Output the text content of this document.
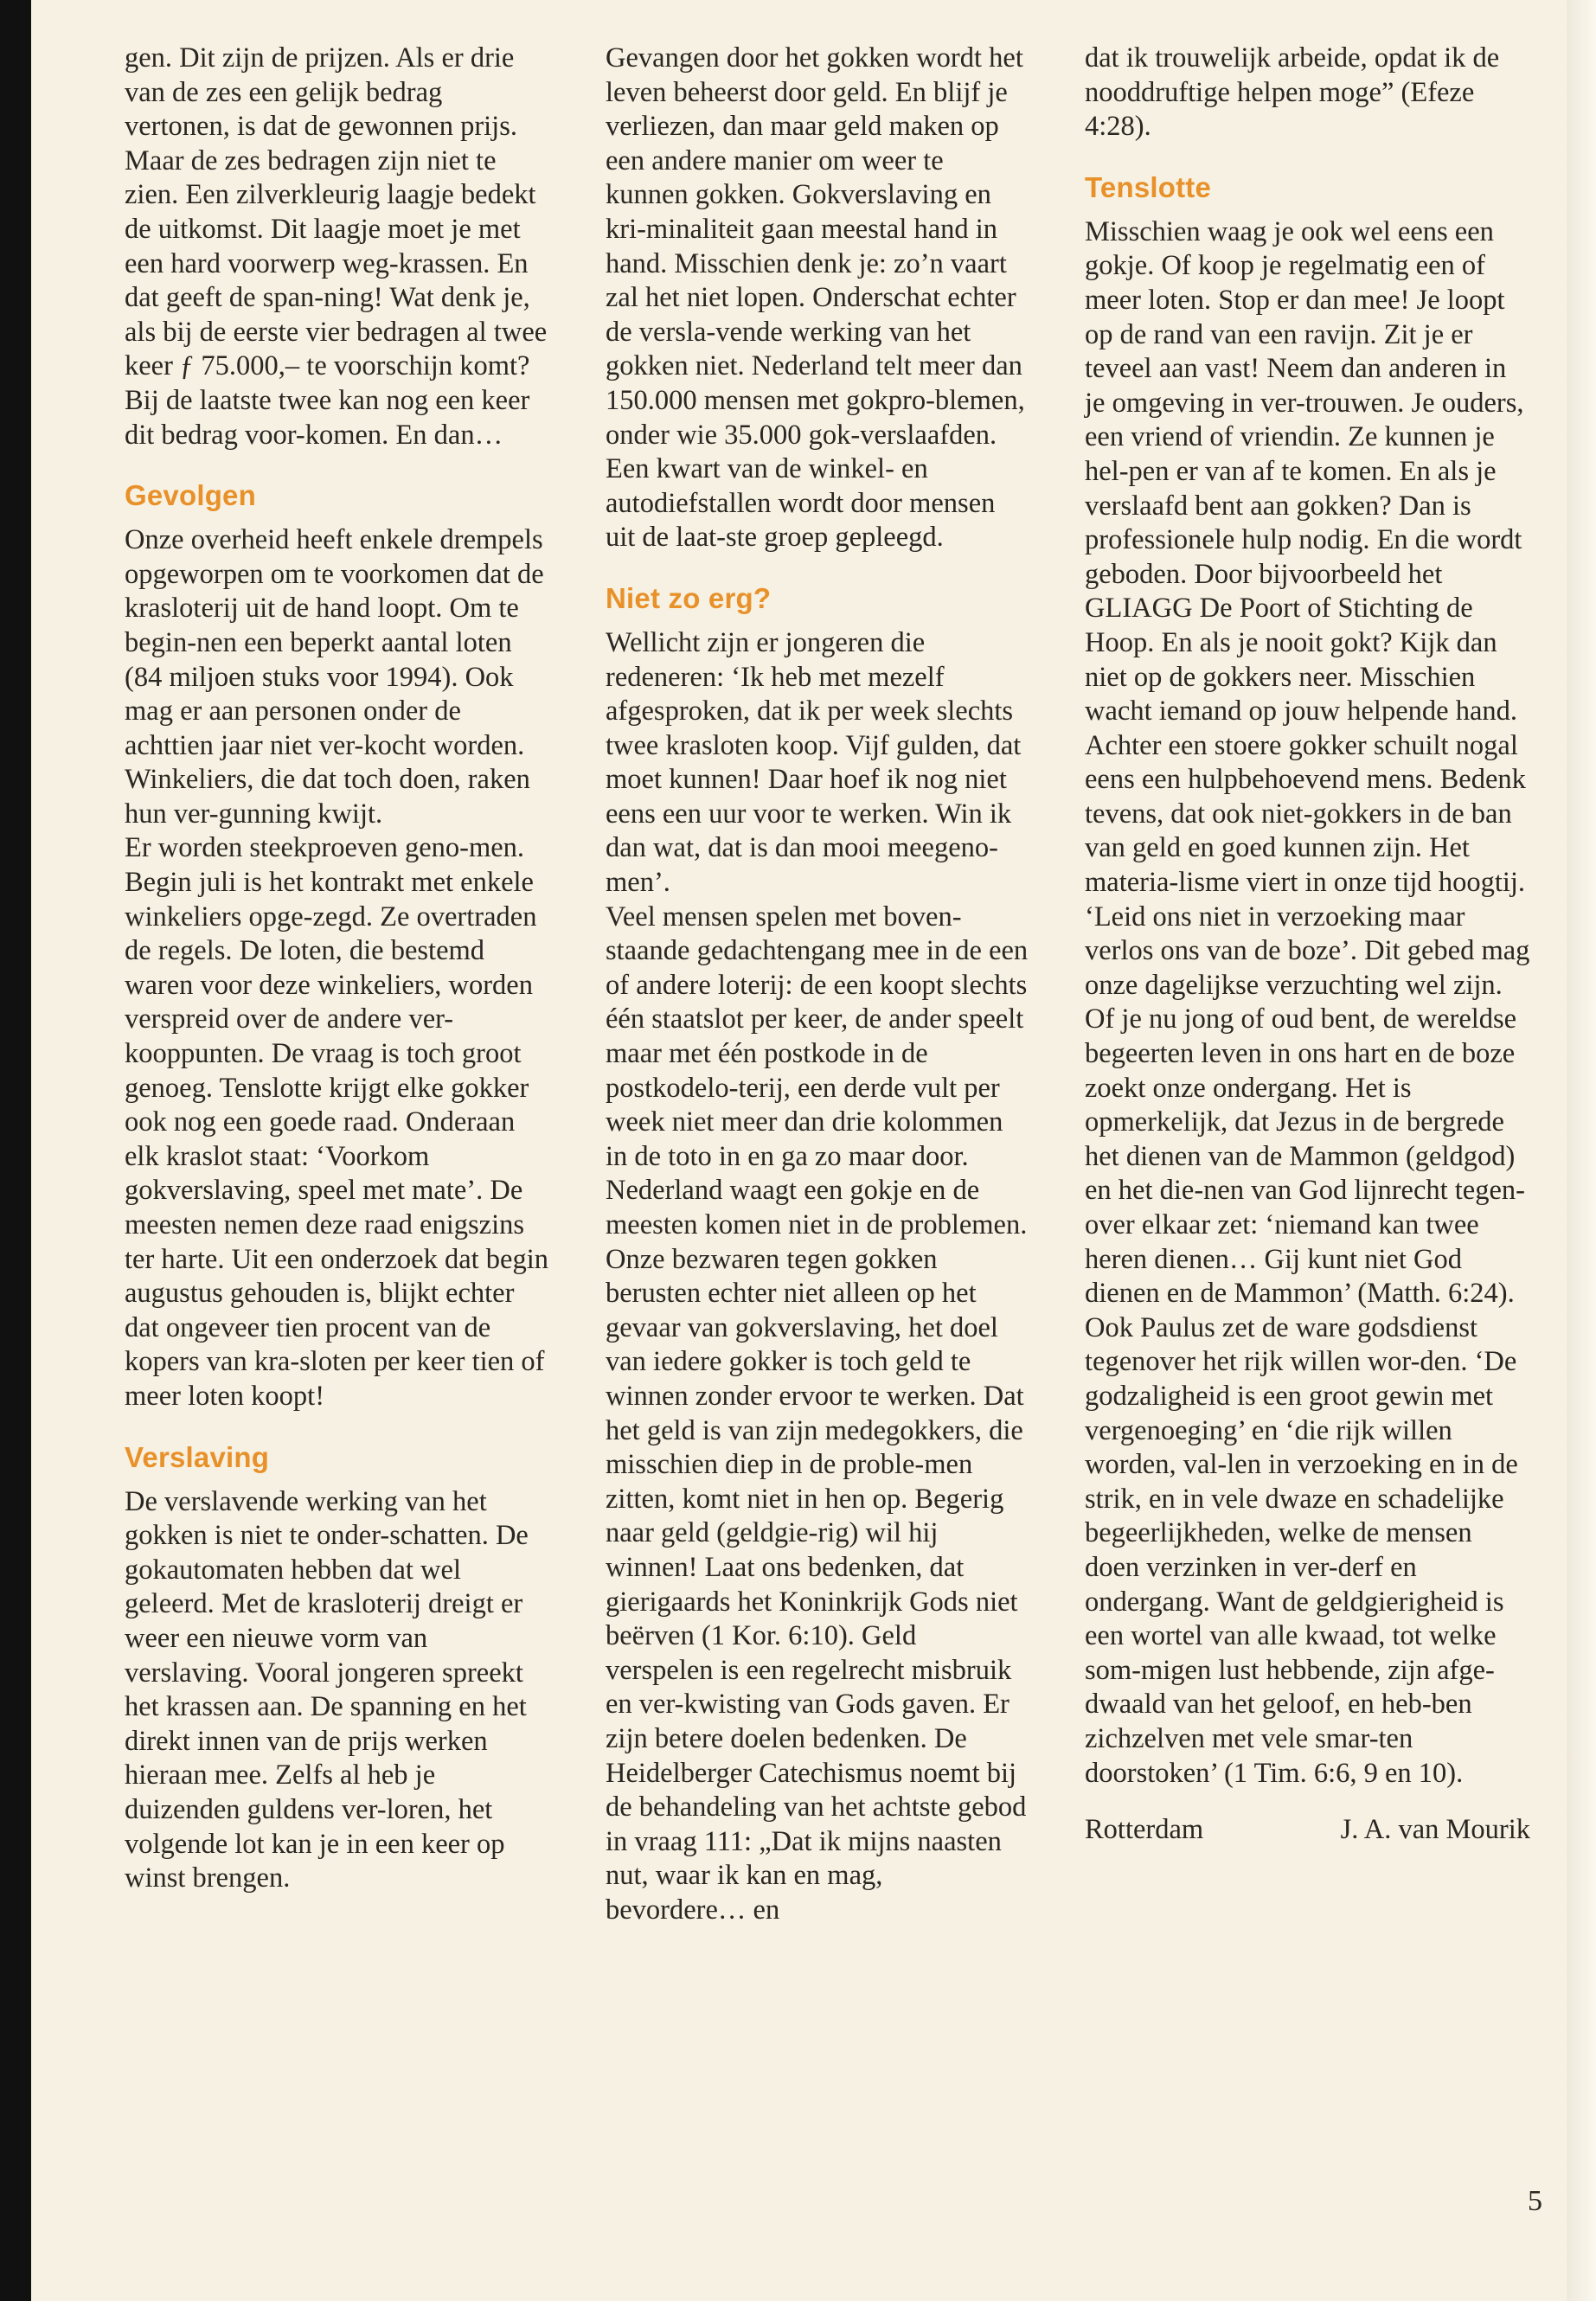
gen. Dit zijn de prijzen. Als er drie van de zes een gelijk bedrag vertonen, is dat de gewonnen prijs. Maar de zes bedragen zijn niet te zien. Een zilverkleurig laagje bedekt de uitkomst. Dit laagje moet je met een hard voorwerp weg-krassen. En dat geeft de span-ning! Wat denk je, als bij de eerste vier bedragen al twee keer ƒ 75.000,– te voorschijn komt? Bij de laatste twee kan nog een keer dit bedrag voor-komen. En dan…

Gevolgen

Onze overheid heeft enkele drempels opgeworpen om te voorkomen dat de krasloterij uit de hand loopt. Om te begin-nen een beperkt aantal loten (84 miljoen stuks voor 1994). Ook mag er aan personen onder de achttien jaar niet ver-kocht worden. Winkeliers, die dat toch doen, raken hun ver-gunning kwijt.

Er worden steekproeven geno-men. Begin juli is het kontrakt met enkele winkeliers opge-zegd. Ze overtraden de regels. De loten, die bestemd waren voor deze winkeliers, worden verspreid over de andere ver-kooppunten. De vraag is toch groot genoeg. Tenslotte krijgt elke gokker ook nog een goede raad. Onderaan elk kraslot staat: ‘Voorkom gokverslaving, speel met mate’. De meesten nemen deze raad enigszins ter harte. Uit een onderzoek dat begin augustus gehouden is, blijkt echter dat ongeveer tien procent van de kopers van kra-sloten per keer tien of meer loten koopt!

Verslaving

De verslavende werking van het gokken is niet te onder-schatten. De gokautomaten hebben dat wel geleerd. Met de krasloterij dreigt er weer een nieuwe vorm van verslaving. Vooral jongeren spreekt het krassen aan. De spanning en het direkt innen van de prijs werken hieraan mee. Zelfs al heb je duizenden guldens ver-loren, het volgende lot kan je in een keer op winst brengen.

Gevangen door het gokken wordt het leven beheerst door geld. En blijf je verliezen, dan maar geld maken op een andere manier om weer te kunnen gokken. Gokverslaving en kri-minaliteit gaan meestal hand in hand. Misschien denk je: zo’n vaart zal het niet lopen. Onderschat echter de versla-vende werking van het gokken niet. Nederland telt meer dan 150.000 mensen met gokpro-blemen, onder wie 35.000 gok-verslaafden. Een kwart van de winkel- en autodiefstallen wordt door mensen uit de laat-ste groep gepleegd.

Niet zo erg?

Wellicht zijn er jongeren die redeneren: ‘Ik heb met mezelf afgesproken, dat ik per week slechts twee krasloten koop. Vijf gulden, dat moet kunnen! Daar hoef ik nog niet eens een uur voor te werken. Win ik dan wat, dat is dan mooi meegeno-men’.

Veel mensen spelen met boven-staande gedachtengang mee in de een of andere loterij: de een koopt slechts één staatslot per keer, de ander speelt maar met één postkode in de postkodelo-terij, een derde vult per week niet meer dan drie kolommen in de toto in en ga zo maar door. Nederland waagt een gokje en de meesten komen niet in de problemen.

Onze bezwaren tegen gokken berusten echter niet alleen op het gevaar van gokverslaving, het doel van iedere gokker is toch geld te winnen zonder ervoor te werken. Dat het geld is van zijn medegokkers, die misschien diep in de proble-men zitten, komt niet in hen op. Begerig naar geld (geldgie-rig) wil hij winnen! Laat ons bedenken, dat gierigaards het Koninkrijk Gods niet beërven (1 Kor. 6:10). Geld verspelen is een regelrecht misbruik en ver-kwisting van Gods gaven. Er zijn betere doelen bedenken. De Heidelberger Catechismus noemt bij de behandeling van het achtste gebod in vraag 111: „Dat ik mijns naasten nut, waar ik kan en mag, bevordere… en

dat ik trouwelijk arbeide, opdat ik de nooddruftige helpen moge” (Efeze 4:28).

Tenslotte

Misschien waag je ook wel eens een gokje. Of koop je regelmatig een of meer loten. Stop er dan mee! Je loopt op de rand van een ravijn. Zit je er teveel aan vast! Neem dan anderen in je omgeving in ver-trouwen. Je ouders, een vriend of vriendin. Ze kunnen je hel-pen er van af te komen. En als je verslaafd bent aan gokken? Dan is professionele hulp nodig. En die wordt geboden. Door bijvoorbeeld het GLIAGG De Poort of Stichting de Hoop. En als je nooit gokt? Kijk dan niet op de gokkers neer. Misschien wacht iemand op jouw helpende hand. Achter een stoere gokker schuilt nogal eens een hulpbehoevend mens. Bedenk tevens, dat ook niet-gokkers in de ban van geld en goed kunnen zijn. Het materia-lisme viert in onze tijd hoogtij. ‘Leid ons niet in verzoeking maar verlos ons van de boze’. Dit gebed mag onze dagelijkse verzuchting wel zijn. Of je nu jong of oud bent, de wereldse begeerten leven in ons hart en de boze zoekt onze ondergang. Het is opmerkelijk, dat Jezus in de bergrede het dienen van de Mammon (geldgod) en het die-nen van God lijnrecht tegen-over elkaar zet: ‘niemand kan twee heren dienen… Gij kunt niet God dienen en de Mammon’ (Matth. 6:24). Ook Paulus zet de ware godsdienst tegenover het rijk willen wor-den. ‘De godzaligheid is een groot gewin met vergenoeging’ en ‘die rijk willen worden, val-len in verzoeking en in de strik, en in vele dwaze en schadelijke begeerlijkheden, welke de mensen doen verzinken in ver-derf en ondergang. Want de geldgierigheid is een wortel van alle kwaad, tot welke som-migen lust hebbende, zijn afge-dwaald van het geloof, en heb-ben zichzelven met vele smar-ten doorstoken’ (1 Tim. 6:6, 9 en 10).

Rotterdam	J. A. van Mourik
5
